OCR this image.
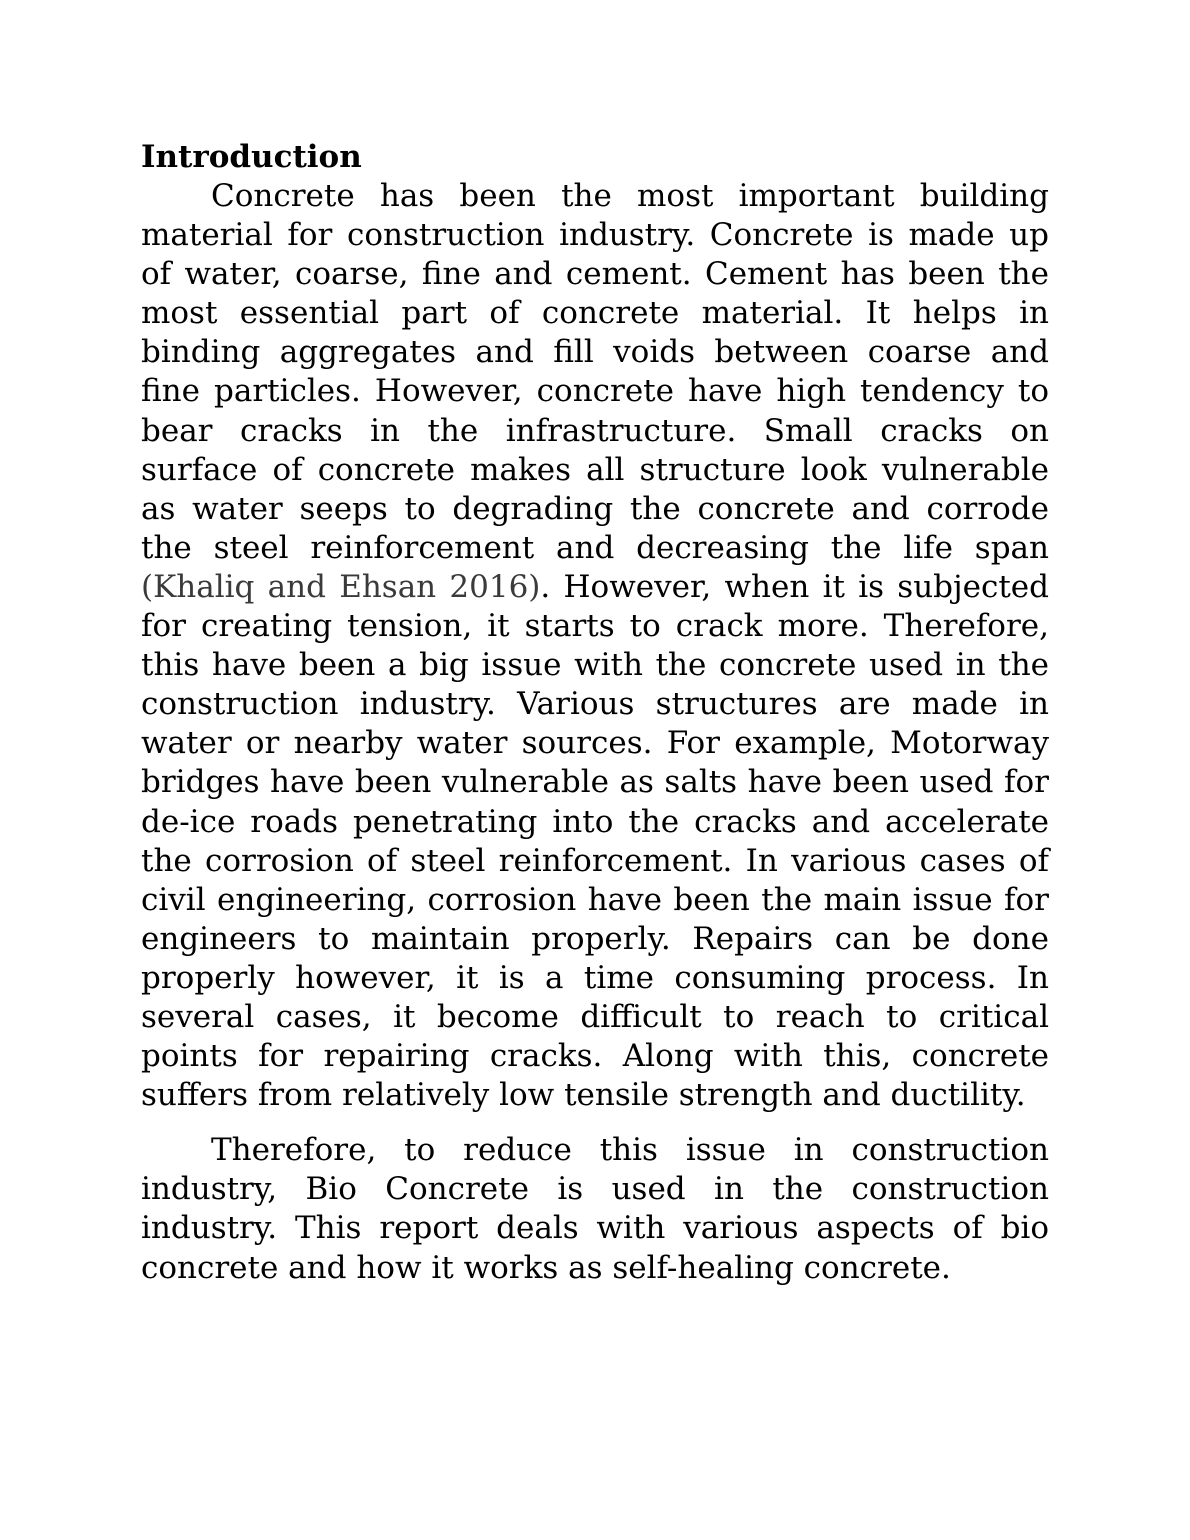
Introduction

Concrete has been the most important building material for construction industry. Concrete is made up of water, coarse, fine and cement. Cement has been the most essential part of concrete material. It helps in binding aggregates and fill voids between coarse and fine particles. However, concrete have high tendency to bear cracks in the infrastructure. Small cracks on surface of concrete makes all structure look vulnerable as water seeps to degrading the concrete and corrode the steel reinforcement and decreasing the life span (Khaliq and Ehsan 2016). However, when it is subjected for creating tension, it starts to crack more. Therefore, this have been a big issue with the concrete used in the construction industry. Various structures are made in water or nearby water sources. For example, Motorway bridges have been vulnerable as salts have been used for de-ice roads penetrating into the cracks and accelerate the corrosion of steel reinforcement. In various cases of civil engineering, corrosion have been the main issue for engineers to maintain properly. Repairs can be done properly however, it is a time consuming process. In several cases, it become difficult to reach to critical points for repairing cracks. Along with this, concrete suffers from relatively low tensile strength and ductility.

Therefore, to reduce this issue in construction industry, Bio Concrete is used in the construction industry. This report deals with various aspects of bio concrete and how it works as self-healing concrete.
